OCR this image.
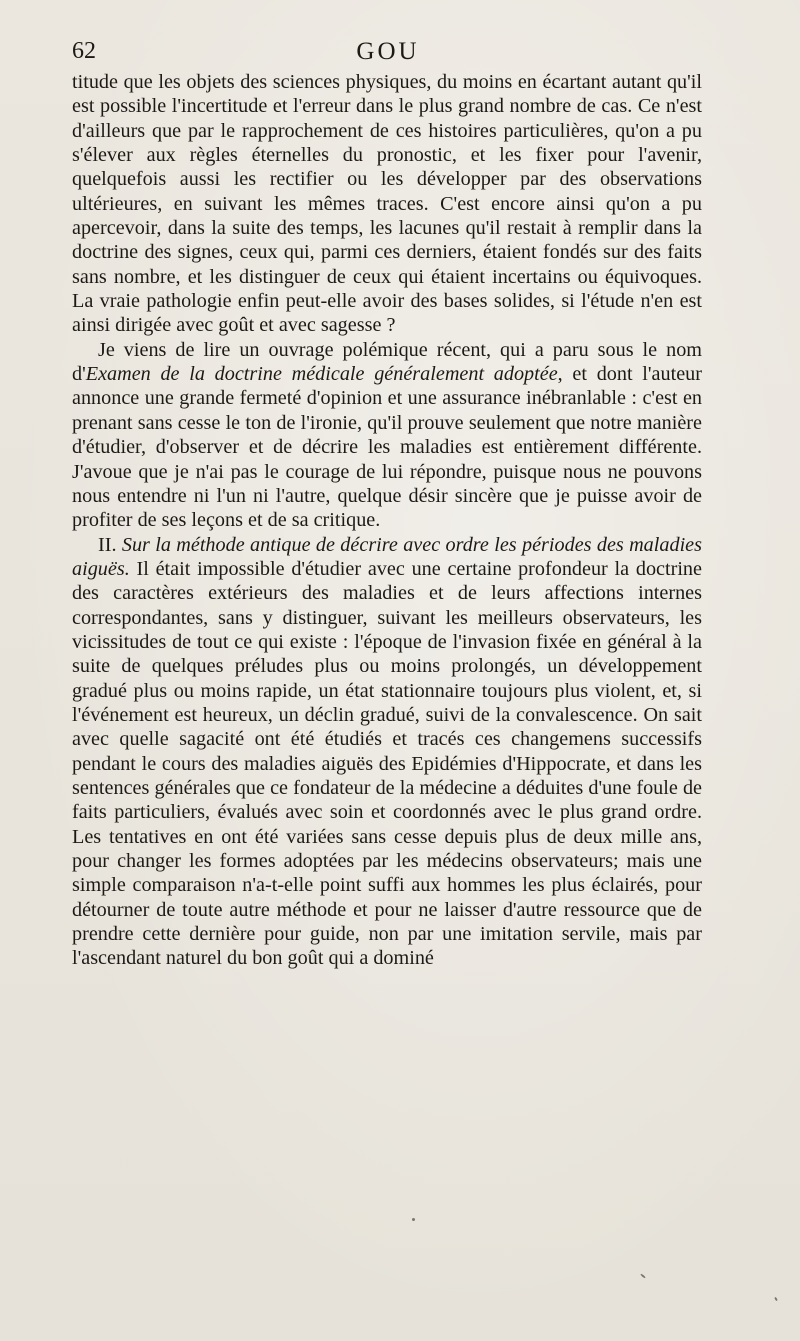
62	GOU

titude que les objets des sciences physiques, du moins en écartant autant qu'il est possible l'incertitude et l'erreur dans le plus grand nombre de cas. Ce n'est d'ailleurs que par le rapprochement de ces histoires particulières, qu'on a pu s'élever aux règles éternelles du pronostic, et les fixer pour l'avenir, quelquefois aussi les rectifier ou les développer par des observations ultérieures, en suivant les mêmes traces. C'est encore ainsi qu'on a pu apercevoir, dans la suite des temps, les lacunes qu'il restait à remplir dans la doctrine des signes, ceux qui, parmi ces derniers, étaient fondés sur des faits sans nombre, et les distinguer de ceux qui étaient incertains ou équivoques. La vraie pathologie enfin peut-elle avoir des bases solides, si l'étude n'en est ainsi dirigée avec goût et avec sagesse ?

Je viens de lire un ouvrage polémique récent, qui a paru sous le nom d'Examen de la doctrine médicale généralement adoptée, et dont l'auteur annonce une grande fermeté d'opinion et une assurance inébranlable : c'est en prenant sans cesse le ton de l'ironie, qu'il prouve seulement que notre manière d'étudier, d'observer et de décrire les maladies est entièrement différente. J'avoue que je n'ai pas le courage de lui répondre, puisque nous ne pouvons nous entendre ni l'un ni l'autre, quelque désir sincère que je puisse avoir de profiter de ses leçons et de sa critique.

II. Sur la méthode antique de décrire avec ordre les périodes des maladies aiguës. Il était impossible d'étudier avec une certaine profondeur la doctrine des caractères extérieurs des maladies et de leurs affections internes correspondantes, sans y distinguer, suivant les meilleurs observateurs, les vicissitudes de tout ce qui existe : l'époque de l'invasion fixée en général à la suite de quelques préludes plus ou moins prolongés, un développement gradué plus ou moins rapide, un état stationnaire toujours plus violent, et, si l'événement est heureux, un déclin gradué, suivi de la convalescence. On sait avec quelle sagacité ont été étudiés et tracés ces changemens successifs pendant le cours des maladies aiguës des Epidémies d'Hippocrate, et dans les sentences générales que ce fondateur de la médecine a déduites d'une foule de faits particuliers, évalués avec soin et coordonnés avec le plus grand ordre. Les tentatives en ont été variées sans cesse depuis plus de deux mille ans, pour changer les formes adoptées par les médecins observateurs; mais une simple comparaison n'a-t-elle point suffi aux hommes les plus éclairés, pour détourner de toute autre méthode et pour ne laisser d'autre ressource que de prendre cette dernière pour guide, non par une imitation servile, mais par l'ascendant naturel du bon goût qui a dominé
